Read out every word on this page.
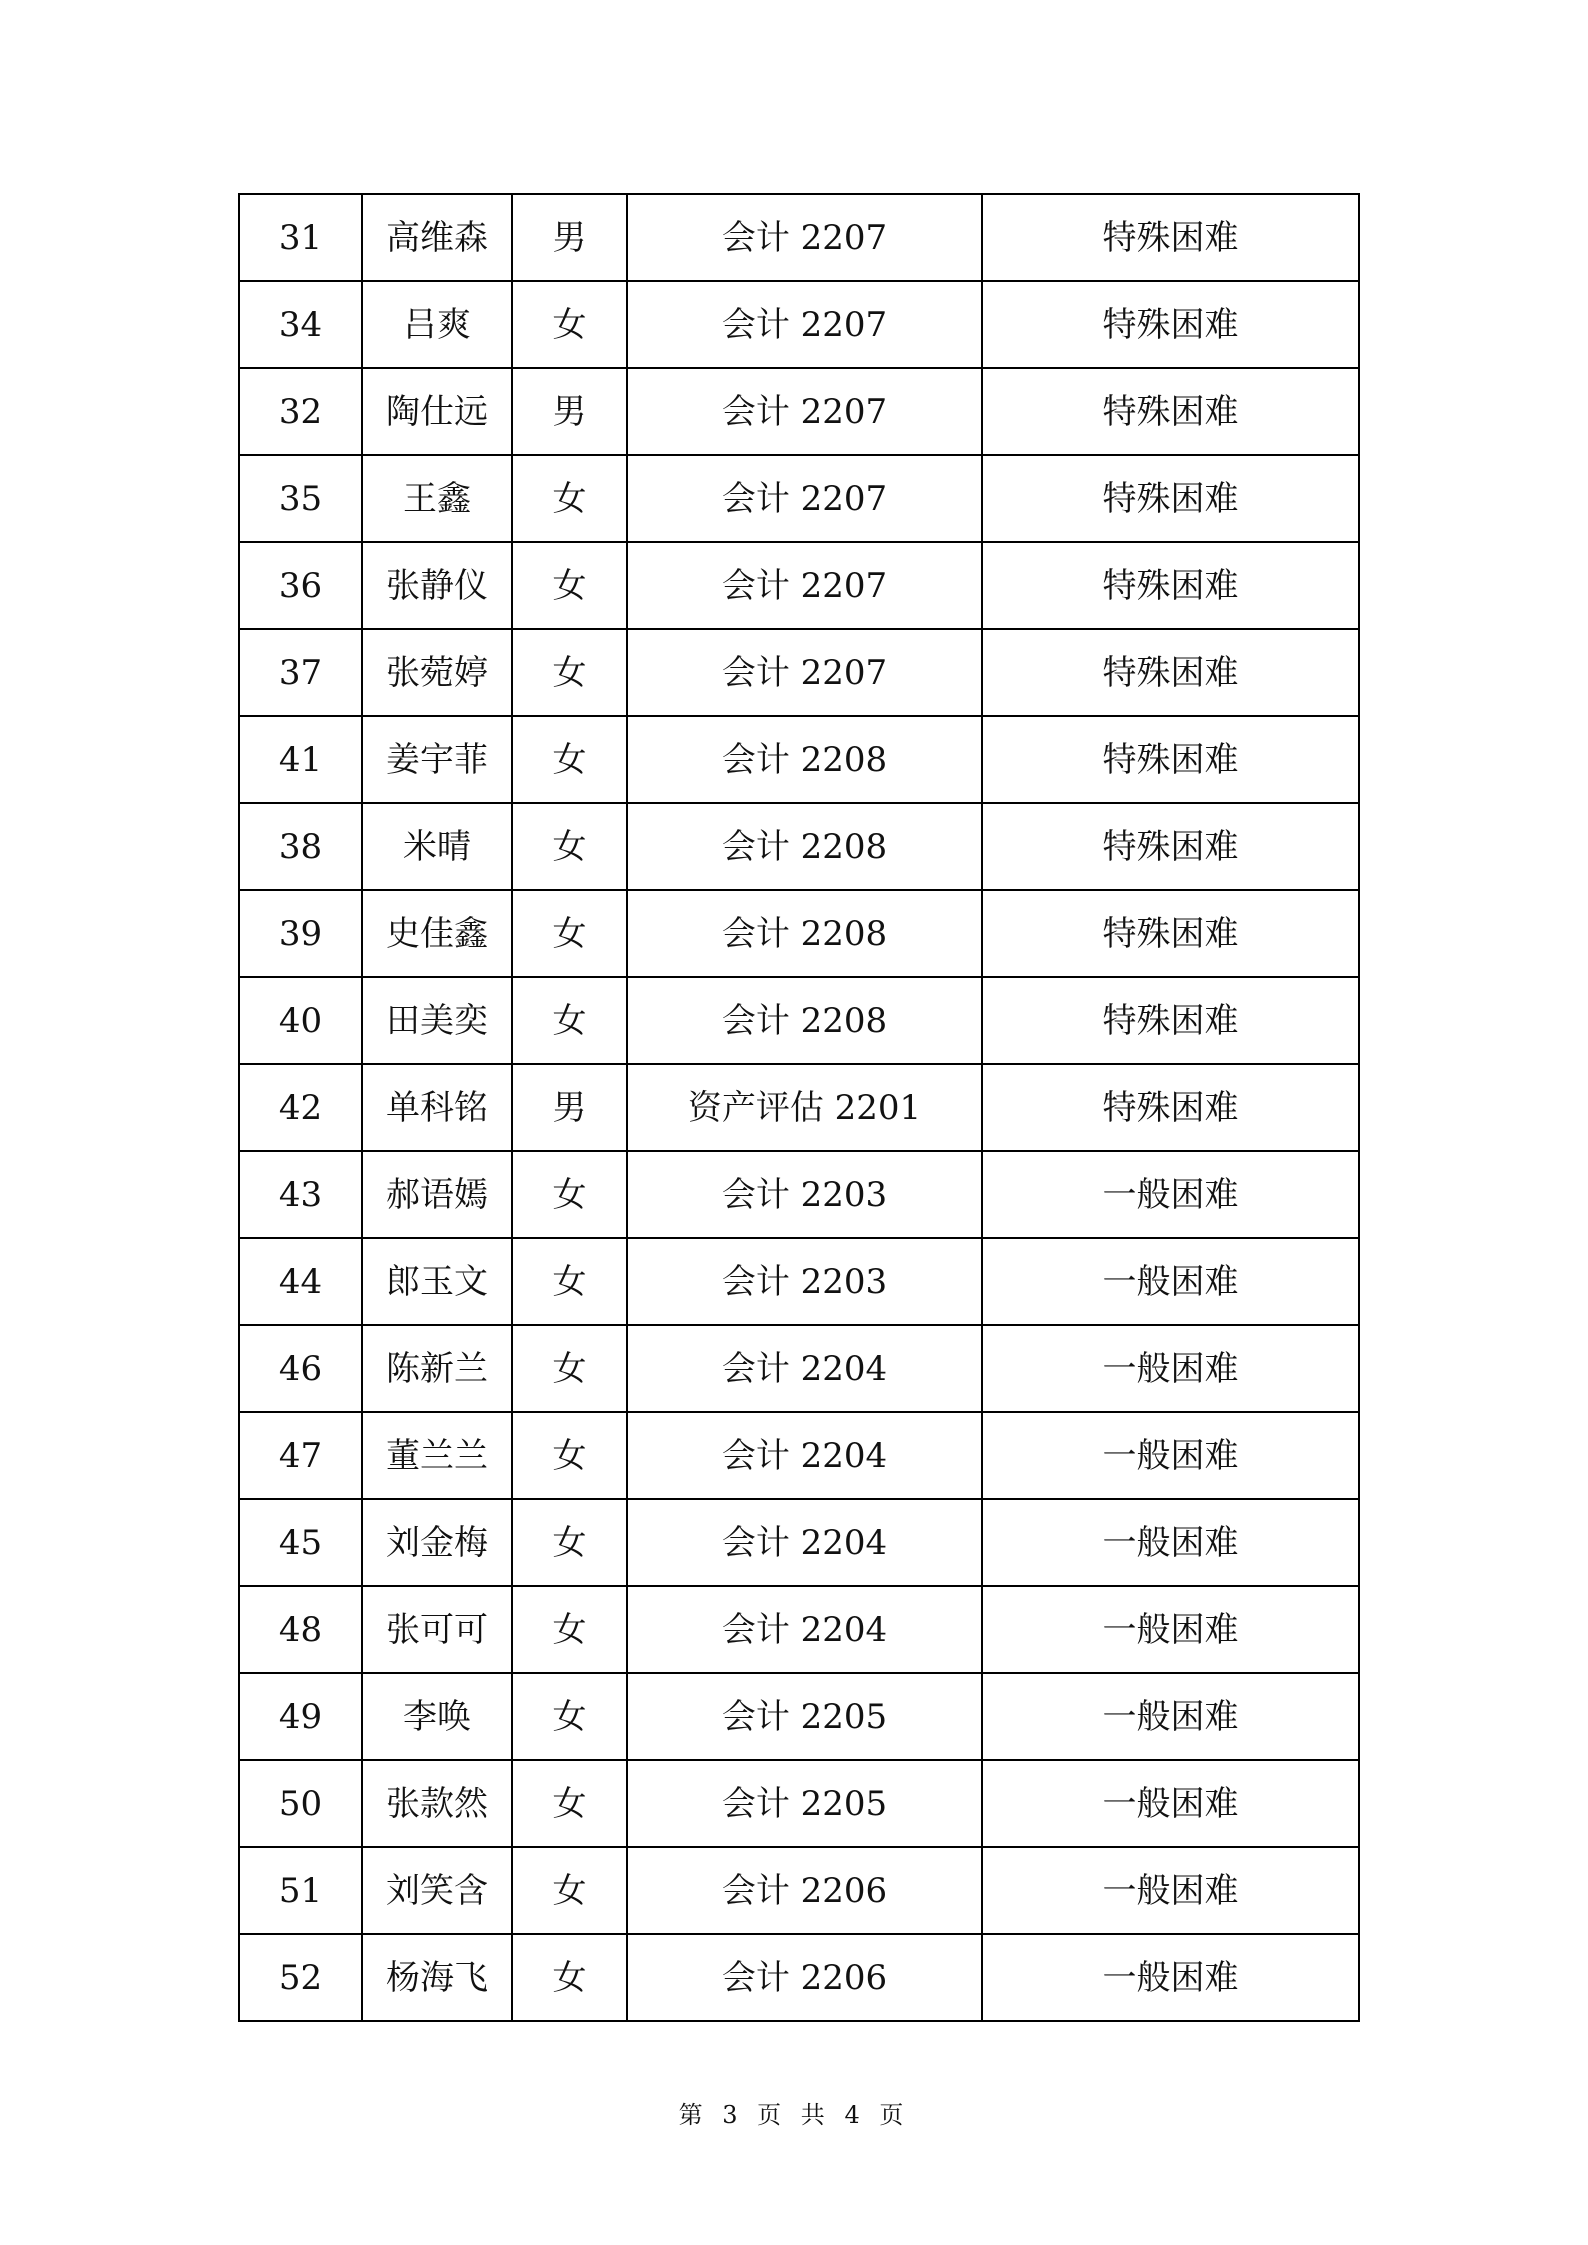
31	高维森	男	会计 2207	特殊困难
34	吕爽	女	会计 2207	特殊困难
32	陶仕远	男	会计 2207	特殊困难
35	王鑫	女	会计 2207	特殊困难
36	张静仪	女	会计 2207	特殊困难
37	张菀婷	女	会计 2207	特殊困难
41	姜宇菲	女	会计 2208	特殊困难
38	米晴	女	会计 2208	特殊困难
39	史佳鑫	女	会计 2208	特殊困难
40	田美奕	女	会计 2208	特殊困难
42	单科铭	男	资产评估 2201	特殊困难
43	郝语嫣	女	会计 2203	一般困难
44	郎玉文	女	会计 2203	一般困难
46	陈新兰	女	会计 2204	一般困难
47	董兰兰	女	会计 2204	一般困难
45	刘金梅	女	会计 2204	一般困难
48	张可可	女	会计 2204	一般困难
49	李唤	女	会计 2205	一般困难
50	张款然	女	会计 2205	一般困难
51	刘笑含	女	会计 2206	一般困难
52	杨海飞	女	会计 2206	一般困难
第 3 页 共 4 页
